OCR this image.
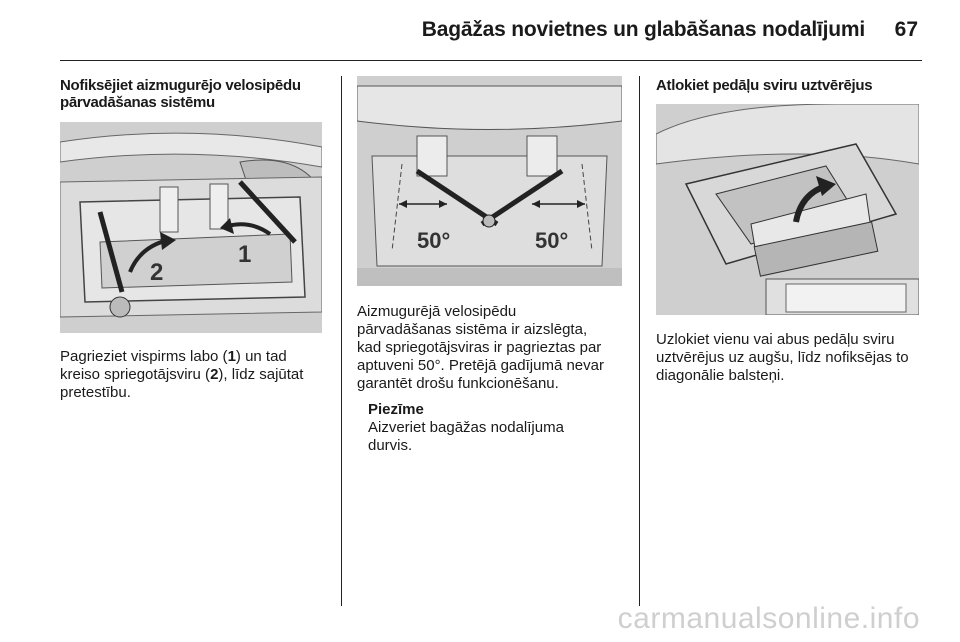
Bagāžas novietnes un glabāšanas nodalījumi 67
Nofiksējiet aizmugurējo velosipēdu
pārvadāšanas sistēmu
1
2
Pagrieziet vispirms labo (1) un tad
kreiso spriegotājsviru (2), līdz sajūtat
pretestību.
50°	50°
Aizmugurējā velosipēdu
pārvadāšanas sistēma ir aizslēgta,
kad spriegotājsviras ir pagrieztas par
aptuveni 50°. Pretējā gadījumā nevar
garantēt drošu funkcionēšanu.
Piezīme
Aizveriet bagāžas nodalījuma
durvis.
Atlokiet pedāļu sviru uztvērējus
Uzlokiet vienu vai abus pedāļu sviru
uztvērējus uz augšu, līdz nofiksējas to
diagonālie balsteņi.
carmanualsonline.info
